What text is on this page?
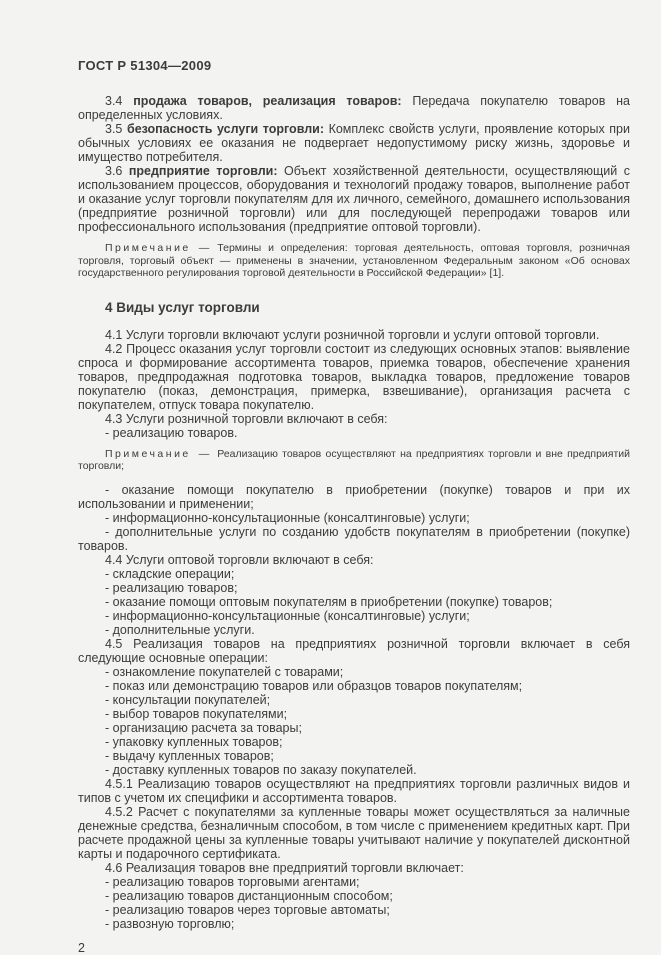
ГОСТ Р 51304—2009
3.4 продажа товаров, реализация товаров: Передача покупателю товаров на определенных условиях.
3.5 безопасность услуги торговли: Комплекс свойств услуги, проявление которых при обычных условиях ее оказания не подвергает недопустимому риску жизнь, здоровье и имущество потребителя.
3.6 предприятие торговли: Объект хозяйственной деятельности, осуществляющий с использованием процессов, оборудования и технологий продажу товаров, выполнение работ и оказание услуг торговли покупателям для их личного, семейного, домашнего использования (предприятие розничной торговли) или для последующей перепродажи товаров или профессионального использования (предприятие оптовой торговли).
Примечание — Термины и определения: торговая деятельность, оптовая торговля, розничная торговля, торговый объект — применены в значении, установленном Федеральным законом «Об основах государственного регулирования торговой деятельности в Российской Федерации» [1].
4 Виды услуг торговли
4.1 Услуги торговли включают услуги розничной торговли и услуги оптовой торговли.
4.2 Процесс оказания услуг торговли состоит из следующих основных этапов: выявление спроса и формирование ассортимента товаров, приемка товаров, обеспечение хранения товаров, предпродажная подготовка товаров, выкладка товаров, предложение товаров покупателю (показ, демонстрация, примерка, взвешивание), организация расчета с покупателем, отпуск товара покупателю.
4.3 Услуги розничной торговли включают в себя:
- реализацию товаров.
Примечание — Реализацию товаров осуществляют на предприятиях торговли и вне предприятий торговли;
- оказание помощи покупателю в приобретении (покупке) товаров и при их использовании и применении;
- информационно-консультационные (консалтинговые) услуги;
- дополнительные услуги по созданию удобств покупателям в приобретении (покупке) товаров.
4.4 Услуги оптовой торговли включают в себя:
- складские операции;
- реализацию товаров;
- оказание помощи оптовым покупателям в приобретении (покупке) товаров;
- информационно-консультационные (консалтинговые) услуги;
- дополнительные услуги.
4.5 Реализация товаров на предприятиях розничной торговли включает в себя следующие основные операции:
- ознакомление покупателей с товарами;
- показ или демонстрацию товаров или образцов товаров покупателям;
- консультации покупателей;
- выбор товаров покупателями;
- организацию расчета за товары;
- упаковку купленных товаров;
- выдачу купленных товаров;
- доставку купленных товаров по заказу покупателей.
4.5.1 Реализацию товаров осуществляют на предприятиях торговли различных видов и типов с учетом их специфики и ассортимента товаров.
4.5.2 Расчет с покупателями за купленные товары может осуществляться за наличные денежные средства, безналичным способом, в том числе с применением кредитных карт. При расчете продажной цены за купленные товары учитывают наличие у покупателей дисконтной карты и подарочного сертификата.
4.6 Реализация товаров вне предприятий торговли включает:
- реализацию товаров торговыми агентами;
- реализацию товаров дистанционным способом;
- реализацию товаров через торговые автоматы;
- развозную торговлю;
2
